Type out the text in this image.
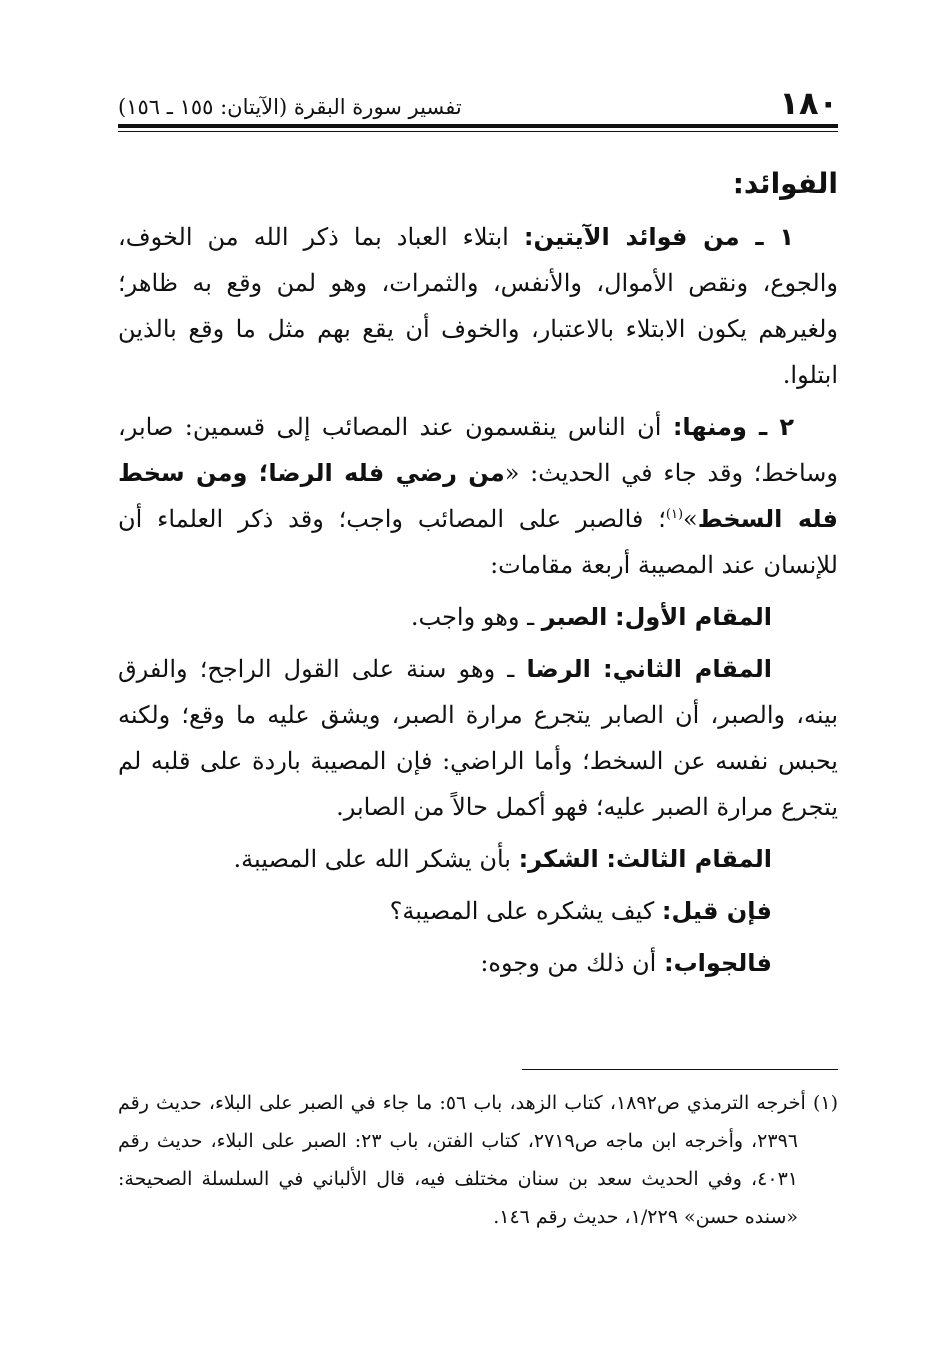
١٨٠
تفسير سورة البقرة (الآيتان: ١٥٥ ـ ١٥٦)
الفوائد:

١ ـ من فوائد الآيتين: ابتلاء العباد بما ذكر الله من الخوف، والجوع، ونقص الأموال، والأنفس، والثمرات، وهو لمن وقع به ظاهر؛ ولغيرهم يكون الابتلاء بالاعتبار، والخوف أن يقع بهم مثل ما وقع بالذين ابتلوا.

٢ ـ ومنها: أن الناس ينقسمون عند المصائب إلى قسمين: صابر، وساخط؛ وقد جاء في الحديث: «من رضي فله الرضا؛ ومن سخط فله السخط»$^{(١)}$؛ فالصبر على المصائب واجب؛ وقد ذكر العلماء أن للإنسان عند المصيبة أربعة مقامات:

المقام الأول: الصبر ـ وهو واجب.

المقام الثاني: الرضا ـ وهو سنة على القول الراجح؛ والفرق بينه، والصبر، أن الصابر يتجرع مرارة الصبر، ويشق عليه ما وقع؛ ولكنه يحبس نفسه عن السخط؛ وأما الراضي: فإن المصيبة باردة على قلبه لم يتجرع مرارة الصبر عليه؛ فهو أكمل حالاً من الصابر.

المقام الثالث: الشكر: بأن يشكر الله على المصيبة.

فإن قيل: كيف يشكره على المصيبة؟

فالجواب: أن ذلك من وجوه:

(١) أخرجه الترمذي ص١٨٩٢، كتاب الزهد، باب ٥٦: ما جاء في الصبر على البلاء، حديث رقم ٢٣٩٦، وأخرجه ابن ماجه ص٢٧١٩، كتاب الفتن، باب ٢٣: الصبر على البلاء، حديث رقم ٤٠٣١، وفي الحديث سعد بن سنان مختلف فيه، قال الألباني في السلسلة الصحيحة: «سنده حسن» ١/٢٢٩، حديث رقم ١٤٦.
